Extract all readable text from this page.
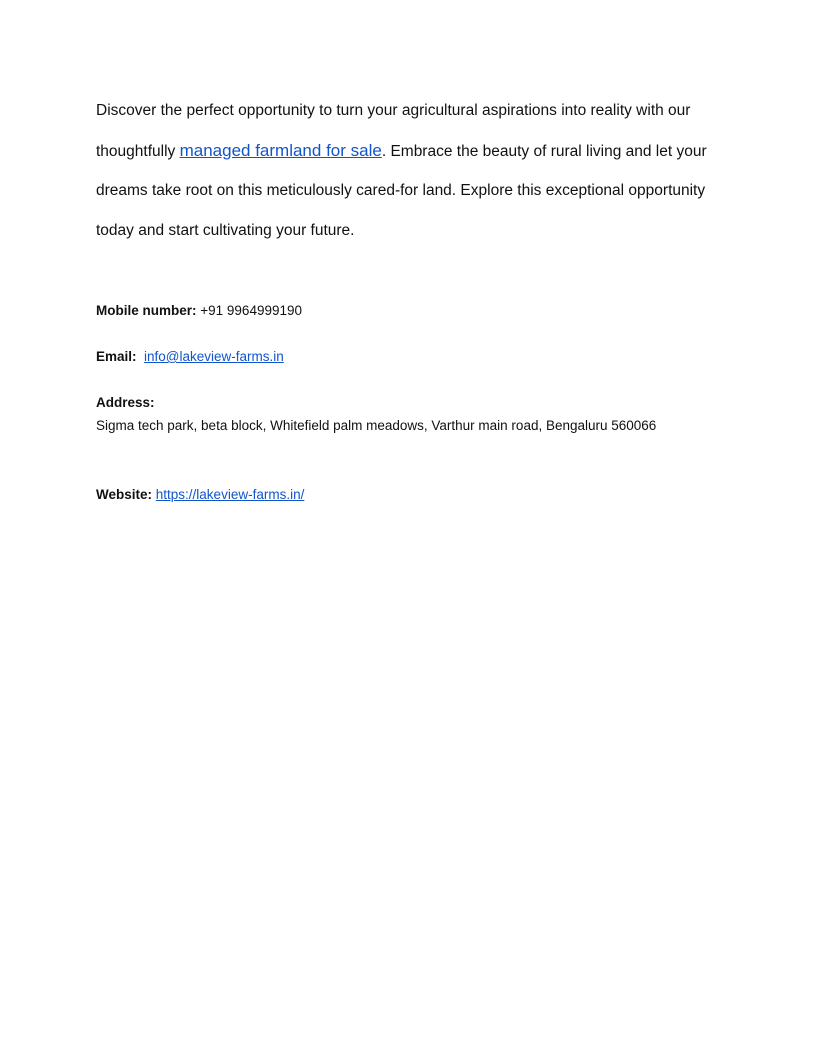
Discover the perfect opportunity to turn your agricultural aspirations into reality with our thoughtfully managed farmland for sale. Embrace the beauty of rural living and let your dreams take root on this meticulously cared-for land. Explore this exceptional opportunity today and start cultivating your future.

Mobile number: +91 9964999190

Email: info@lakeview-farms.in

Address:
Sigma tech park, beta block, Whitefield palm meadows, Varthur main road, Bengaluru 560066

Website: https://lakeview-farms.in/
